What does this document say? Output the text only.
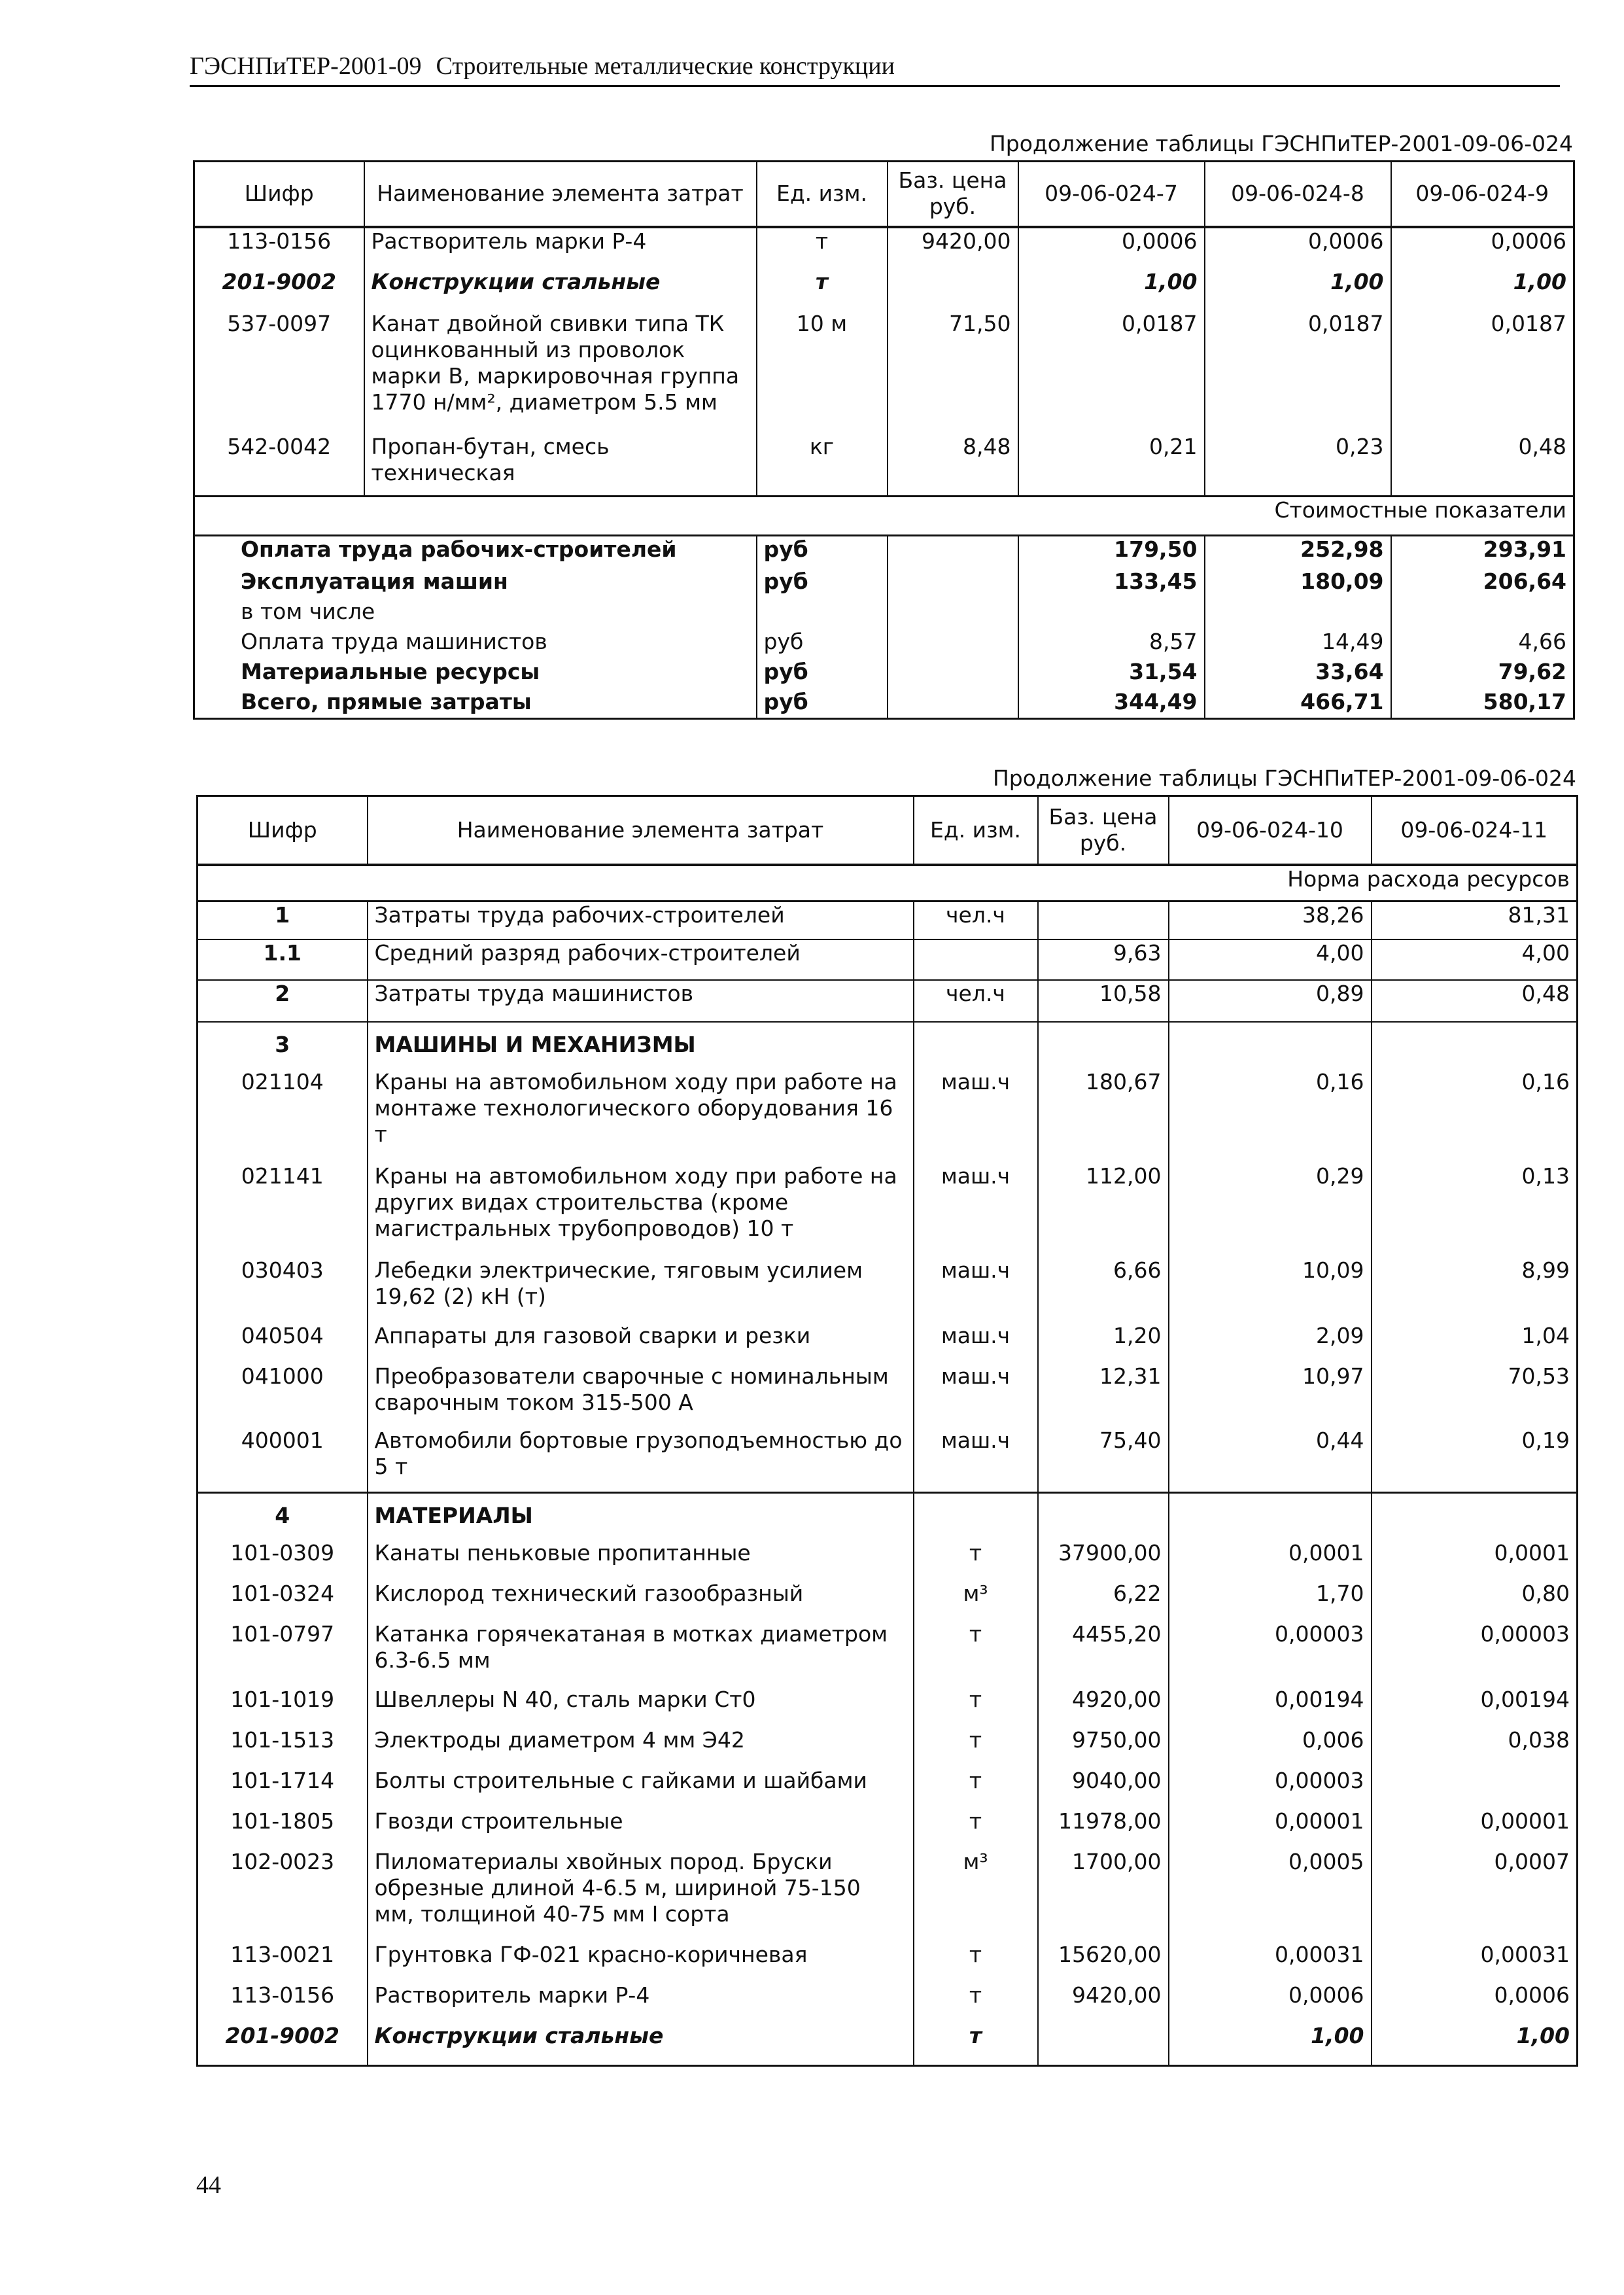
ГЭСНПиТЕР-2001-09 Строительные металлические конструкции
Продолжение таблицы ГЭСНПиТЕР-2001-09-06-024
Шифр	Наименование элемента затрат	Ед. изм.	Баз. цена руб.	09-06-024-7	09-06-024-8	09-06-024-9
113-0156	Растворитель марки Р-4	т	9420,00	0,0006	0,0006	0,0006
201-9002	Конструкции стальные	т		1,00	1,00	1,00
537-0097	Канат двойной свивки типа ТК оцинкованный из проволок марки В, маркировочная группа 1770 н/мм², диаметром 5.5 мм	10 м	71,50	0,0187	0,0187	0,0187
542-0042	Пропан-бутан, смесь техническая	кг	8,48	0,21	0,23	0,48
Стоимостные показатели						
Оплата труда рабочих-строителей		руб		179,50	252,98	293,91
Эксплуатация машин		руб		133,45	180,09	206,64
в том числе						
Оплата труда машинистов		руб		8,57	14,49	4,66
Материальные ресурсы		руб		31,54	33,64	79,62
Всего, прямые затраты		руб		344,49	466,71	580,17
Продолжение таблицы ГЭСНПиТЕР-2001-09-06-024
Шифр	Наименование элемента затрат	Ед. изм.	Баз. цена руб.	09-06-024-10	09-06-024-11
Норма расхода ресурсов					
1	Затраты труда рабочих-строителей	чел.ч		38,26	81,31
1.1	Средний разряд рабочих-строителей		9,63	4,00	4,00
2	Затраты труда машинистов	чел.ч	10,58	0,89	0,48
3	МАШИНЫ И МЕХАНИЗМЫ				
021104	Краны на автомобильном ходу при работе на монтаже технологического оборудования 16 т	маш.ч	180,67	0,16	0,16
021141	Краны на автомобильном ходу при работе на других видах строительства (кроме магистральных трубопроводов) 10 т	маш.ч	112,00	0,29	0,13
030403	Лебедки электрические, тяговым усилием 19,62 (2) кН (т)	маш.ч	6,66	10,09	8,99
040504	Аппараты для газовой сварки и резки	маш.ч	1,20	2,09	1,04
041000	Преобразователи сварочные с номинальным сварочным током 315-500 А	маш.ч	12,31	10,97	70,53
400001	Автомобили бортовые грузоподъемностью до 5 т	маш.ч	75,40	0,44	0,19
4	МАТЕРИАЛЫ				
101-0309	Канаты пеньковые пропитанные	т	37900,00	0,0001	0,0001
101-0324	Кислород технический газообразный	м³	6,22	1,70	0,80
101-0797	Катанка горячекатаная в мотках диаметром 6.3-6.5 мм	т	4455,20	0,00003	0,00003
101-1019	Швеллеры N 40, сталь марки Ст0	т	4920,00	0,00194	0,00194
101-1513	Электроды диаметром 4 мм Э42	т	9750,00	0,006	0,038
101-1714	Болты строительные с гайками и шайбами	т	9040,00	0,00003	
101-1805	Гвозди строительные	т	11978,00	0,00001	0,00001
102-0023	Пиломатериалы хвойных пород. Бруски обрезные длиной 4-6.5 м, шириной 75-150 мм, толщиной 40-75 мм I сорта	м³	1700,00	0,0005	0,0007
113-0021	Грунтовка ГФ-021 красно-коричневая	т	15620,00	0,00031	0,00031
113-0156	Растворитель марки Р-4	т	9420,00	0,0006	0,0006
201-9002	Конструкции стальные	т		1,00	1,00
44
